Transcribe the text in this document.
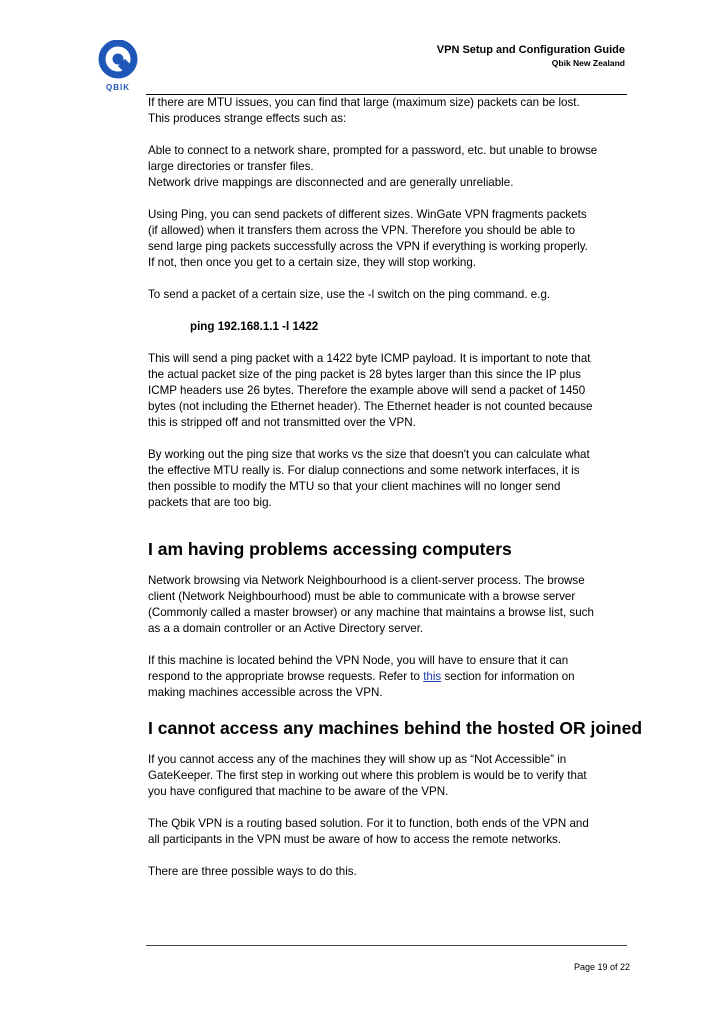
QBIK
VPN Setup and Configuration Guide
Qbik New Zealand

If there are MTU issues, you can find that large (maximum size) packets can be lost.
This produces strange effects such as:

Able to connect to a network share, prompted for a password, etc. but unable to browse
large directories or transfer files.
Network drive mappings are disconnected and are generally unreliable.

Using Ping, you can send packets of different sizes. WinGate VPN fragments packets
(if allowed) when it transfers them across the VPN. Therefore you should be able to
send large ping packets successfully across the VPN if everything is working properly.
If not, then once you get to a certain size, they will stop working.

To send a packet of a certain size, use the -l switch on the ping command. e.g.

ping 192.168.1.1 -l 1422

This will send a ping packet with a 1422 byte ICMP payload. It is important to note that
the actual packet size of the ping packet is 28 bytes larger than this since the IP plus
ICMP headers use 26 bytes. Therefore the example above will send a packet of 1450
bytes (not including the Ethernet header). The Ethernet header is not counted because
this is stripped off and not transmitted over the VPN.

By working out the ping size that works vs the size that doesn't you can calculate what
the effective MTU really is. For dialup connections and some network interfaces, it is
then possible to modify the MTU so that your client machines will no longer send
packets that are too big.

I am having problems accessing computers

Network browsing via Network Neighbourhood is a client-server process. The browse
client (Network Neighbourhood) must be able to communicate with a browse server
(Commonly called a master browser) or any machine that maintains a browse list, such
as a a domain controller or an Active Directory server.

If this machine is located behind the VPN Node, you will have to ensure that it can
respond to the appropriate browse requests. Refer to this section for information on
making machines accessible across the VPN.

I cannot access any machines behind the hosted OR joined

If you cannot access any of the machines they will show up as “Not Accessible” in
GateKeeper. The first step in working out where this problem is would be to verify that
you have configured that machine to be aware of the VPN.

The Qbik VPN is a routing based solution. For it to function, both ends of the VPN and
all participants in the VPN must be aware of how to access the remote networks.

There are three possible ways to do this.

Page 19 of 22
